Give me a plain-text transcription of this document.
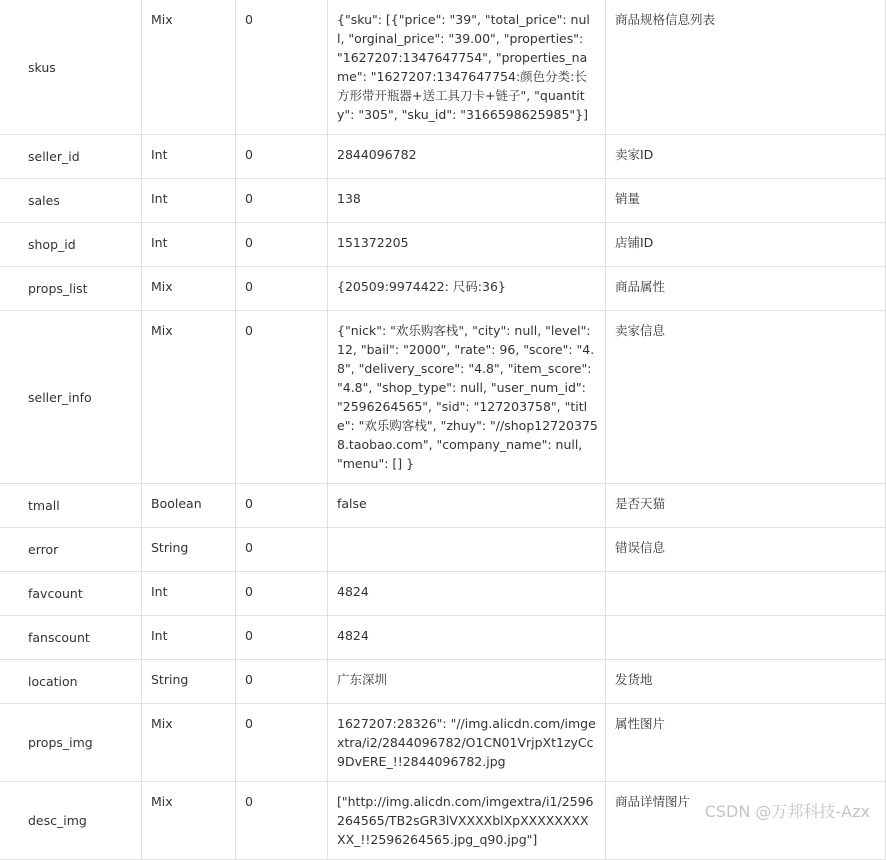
skus	Mix	0	{"sku": [{"price": "39", "total_price": null, "orginal_price": "39.00", "properties": "1627207:1347647754", "properties_name": "1627207:1347647754:颜色分类:长方形带开瓶器+送工具刀卡+链子", "quantity": "305", "sku_id": "3166598625985"}]	商品规格信息列表
seller_id	Int	0	2844096782	卖家ID
sales	Int	0	138	销量
shop_id	Int	0	151372205	店铺ID
props_list	Mix	0	{20509:9974422: 尺码:36}	商品属性
seller_info	Mix	0	{"nick": "欢乐购客栈", "city": null, "level": 12, "bail": "2000", "rate": 96, "score": "4.8", "delivery_score": "4.8", "item_score": "4.8", "shop_type": null, "user_num_id": "2596264565", "sid": "127203758", "title": "欢乐购客栈", "zhuy": "//shop127203758.taobao.com", "company_name": null, "menu": [] }	卖家信息
tmall	Boolean	0	false	是否天猫
error	String	0		错误信息
favcount	Int	0	4824	
fanscount	Int	0	4824	
location	String	0	广东深圳	发货地
props_img	Mix	0	1627207:28326": "//img.alicdn.com/imgextra/i2/2844096782/O1CN01VrjpXt1zyCc9DvERE_!!2844096782.jpg	属性图片
desc_img	Mix	0	["http://img.alicdn.com/imgextra/i1/2596264565/TB2sGR3lVXXXXblXpXXXXXXXXXX_!!2596264565.jpg_q90.jpg"]	商品详情图片
CSDN @万邦科技-Azx
